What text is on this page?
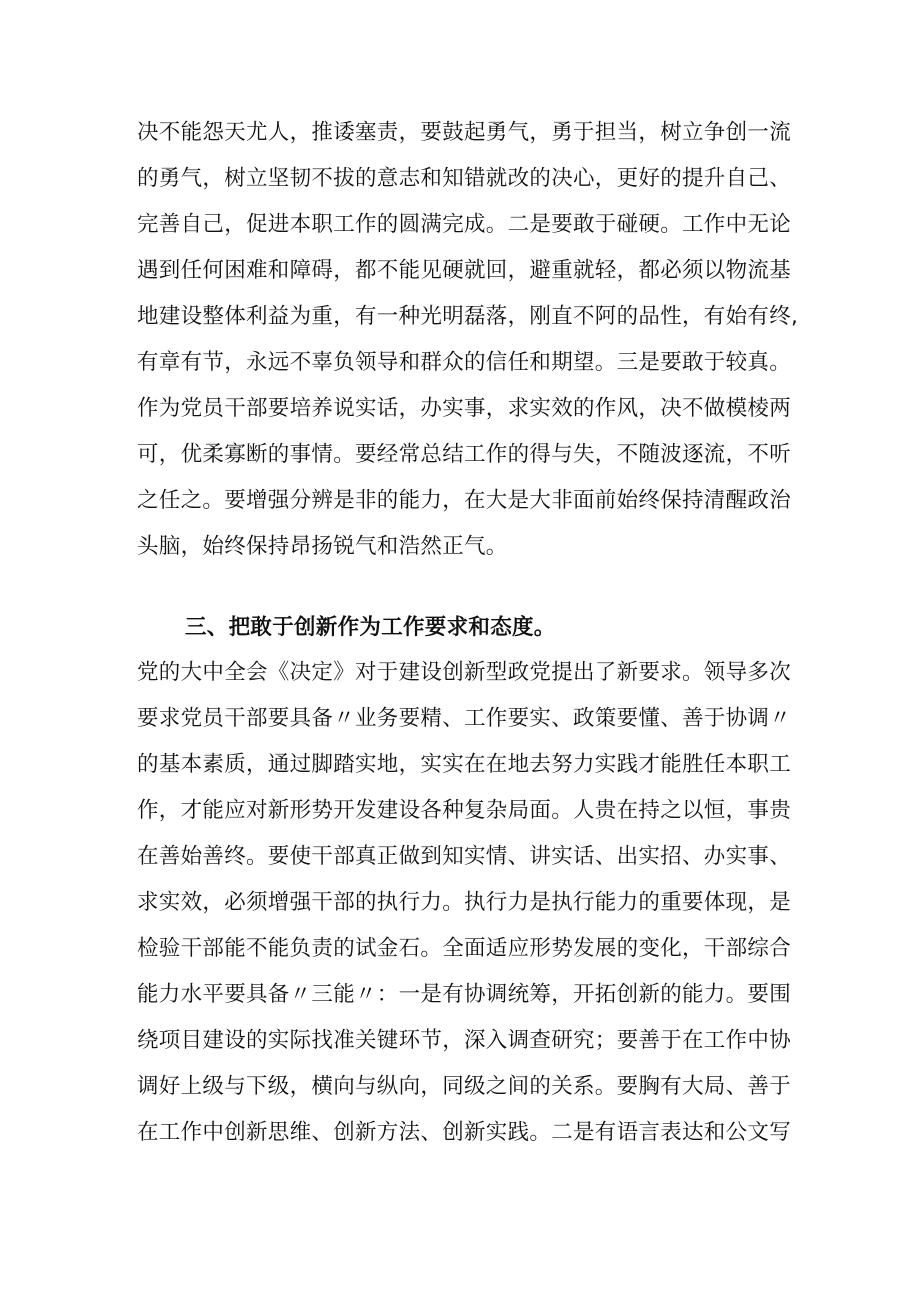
决不能怨天尤人，推诿塞责，要鼓起勇气，勇于担当，树立争创一流
的勇气，树立坚韧不拔的意志和知错就改的决心，更好的提升自己、
完善自己，促进本职工作的圆满完成。二是要敢于碰硬。工作中无论
遇到任何困难和障碍，都不能见硬就回，避重就轻，都必须以物流基
地建设整体利益为重，有一种光明磊落，刚直不阿的品性，有始有终,
有章有节，永远不辜负领导和群众的信任和期望。三是要敢于较真。
作为党员干部要培养说实话，办实事，求实效的作风，决不做模棱两
可，优柔寡断的事情。要经常总结工作的得与失，不随波逐流，不听
之任之。要增强分辨是非的能力，在大是大非面前始终保持清醒政治
头脑，始终保持昂扬锐气和浩然正气。
三、把敢于创新作为工作要求和态度。
党的大中全会《决定》对于建设创新型政党提出了新要求。领导多次
要求党员干部要具备〃业务要精、工作要实、政策要懂、善于协调〃
的基本素质，通过脚踏实地，实实在在地去努力实践才能胜任本职工
作，才能应对新形势开发建设各种复杂局面。人贵在持之以恒，事贵
在善始善终。要使干部真正做到知实情、讲实话、出实招、办实事、
求实效，必须增强干部的执行力。执行力是执行能力的重要体现，是
检验干部能不能负责的试金石。全面适应形势发展的变化，干部综合
能力水平要具备〃三能〃：一是有协调统筹，开拓创新的能力。要围
绕项目建设的实际找准关键环节，深入调查研究；要善于在工作中协
调好上级与下级，横向与纵向，同级之间的关系。要胸有大局、善于
在工作中创新思维、创新方法、创新实践。二是有语言表达和公文写
